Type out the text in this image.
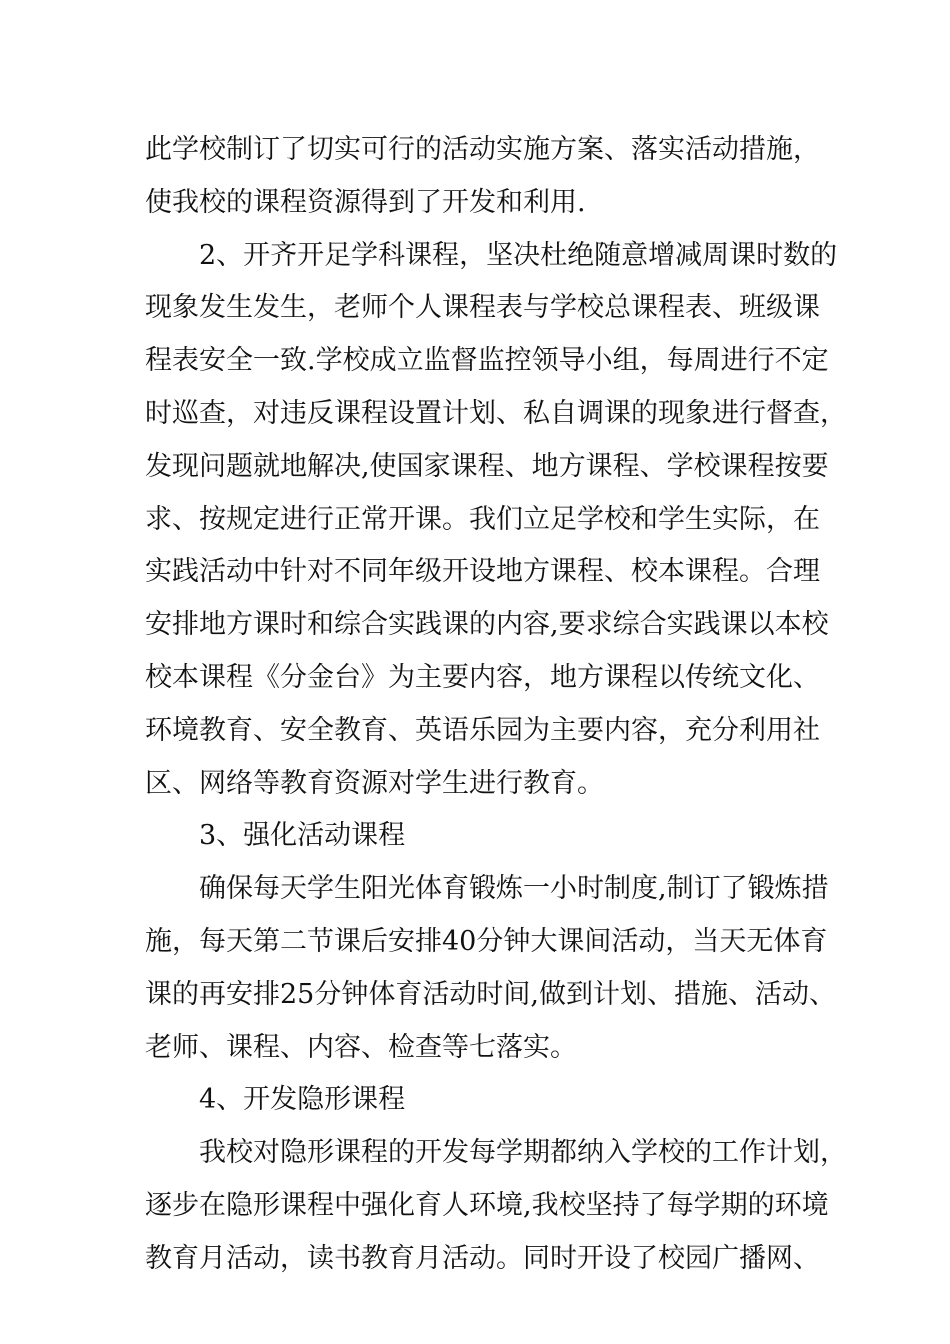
此学校制订了切实可行的活动实施方案、落实活动措施，
使我校的课程资源得到了开发和利用.
2、开齐开足学科课程，坚决杜绝随意增减周课时数的
现象发生发生，老师个人课程表与学校总课程表、班级课
程表安全一致.学校成立监督监控领导小组，每周进行不定
时巡查，对违反课程设置计划、私自调课的现象进行督查，
发现问题就地解决,使国家课程、地方课程、学校课程按要
求、按规定进行正常开课。我们立足学校和学生实际，在
实践活动中针对不同年级开设地方课程、校本课程。合理
安排地方课时和综合实践课的内容,要求综合实践课以本校
校本课程《分金台》为主要内容，地方课程以传统文化、
环境教育、安全教育、英语乐园为主要内容，充分利用社
区、网络等教育资源对学生进行教育。
3、强化活动课程
确保每天学生阳光体育锻炼一小时制度,制订了锻炼措
施，每天第二节课后安排40分钟大课间活动，当天无体育
课的再安排25分钟体育活动时间,做到计划、措施、活动、
老师、课程、内容、检查等七落实。
4、开发隐形课程
我校对隐形课程的开发每学期都纳入学校的工作计划，
逐步在隐形课程中强化育人环境,我校坚持了每学期的环境
教育月活动，读书教育月活动。同时开设了校园广播网、
